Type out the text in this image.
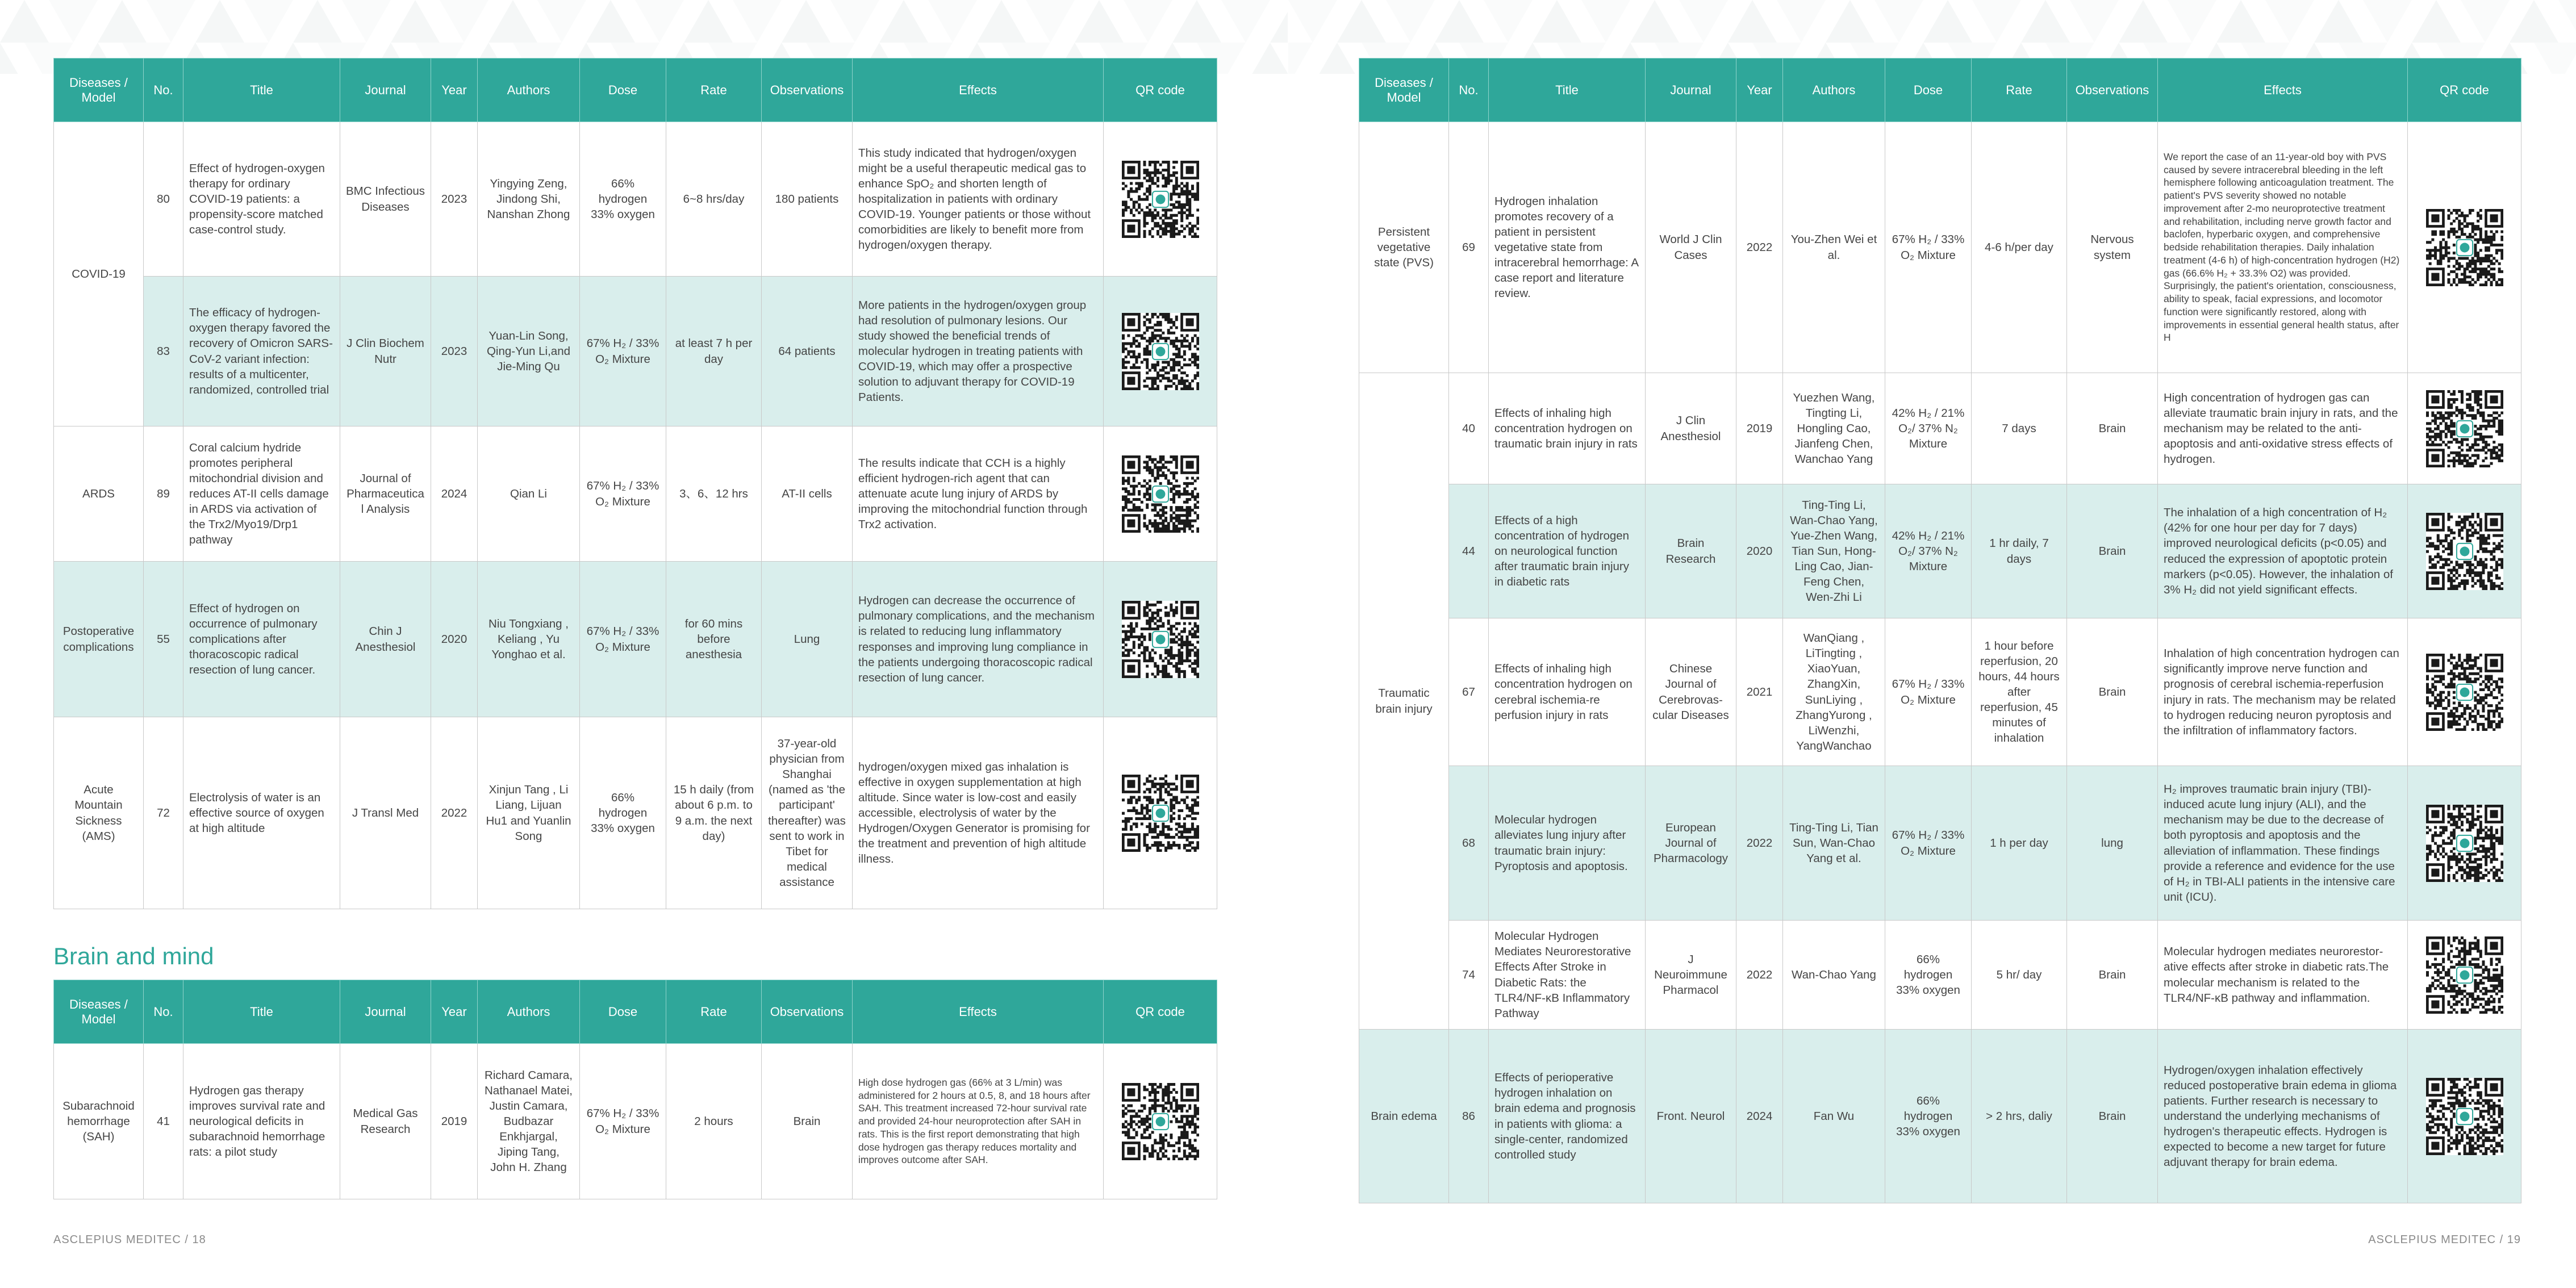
Diseases / Model	No.	Title	Journal	Year	Authors	Dose	Rate	Observations	Effects	QR code
COVID-19	80	Effect of hydrogen-oxygen therapy for ordinary COVID-19 patients: a propensity-score matched case-control study.	BMC Infectious Diseases	2023	Yingying Zeng, Jindong Shi, Nanshan Zhong	66% hydrogen 33% oxygen	6~8 hrs/day	180 patients	This study indicated that hydrogen/oxygen might be a useful therapeutic medical gas to enhance SpO₂ and shorten length of hospitalization in patients with ordinary COVID-19. Younger patients or those without comorbidities are likely to benefit more from hydrogen/oxygen therapy.	

	83	The efficacy of hydrogen-oxygen therapy favored the recovery of Omicron SARS-CoV-2 variant infection: results of a multicenter, randomized, controlled trial	J Clin Biochem Nutr	2023	Yuan-Lin Song, Qing-Yun Li,and Jie-Ming Qu	67% H₂ / 33% O₂ Mixture	at least 7 h per day	64 patients	More patients in the hydrogen/oxygen group had resolution of pulmonary lesions. Our study showed the beneficial trends of molecular hydrogen in treating patients with COVID-19, which may offer a prospective solution to adjuvant therapy for COVID-19 Patients.	

ARDS	89	Coral calcium hydride promotes peripheral mitochondrial division and reduces AT-II cells damage in ARDS via activation of the Trx2/Myo19/Drp1 pathway	Journal of Pharmaceutical Analysis	2024	Qian Li	67% H₂ / 33% O₂ Mixture	3、6、12 hrs	AT-II cells	The results indicate that CCH is a highly efficient hydrogen-rich agent that can attenuate acute lung injury of ARDS by improving the mitochondrial function through Trx2 activation.	

Postoperative complications	55	Effect of hydrogen on occurrence of pulmonary complications after thoracoscopic radical resection of lung cancer.	Chin J Anesthesiol	2020	Niu Tongxiang , Keliang , Yu Yonghao et al.	67% H₂ / 33% O₂ Mixture	for 60 mins before anesthesia	Lung	Hydrogen can decrease the occurrence of pulmonary complications, and the mechanism is related to reducing lung inflammatory responses and improving lung compliance in the patients undergoing thoracoscopic radical resection of lung cancer.	

Acute Mountain Sickness (AMS)	72	Electrolysis of water is an effective source of oxygen at high altitude	J Transl Med	2022	Xinjun Tang , Li Liang, Lijuan Hu1 and Yuanlin Song	66% hydrogen 33% oxygen	15 h daily (from about 6 p.m. to 9 a.m. the next day)	37-year-old physician from Shanghai (named as 'the participant' thereafter) was sent to work in Tibet for medical assistance	hydrogen/oxygen mixed gas inhalation is effective in oxygen supplementation at high altitude. Since water is low-cost and easily accessible, electrolysis of water by the Hydrogen/Oxygen Generator is promising for the treatment and prevention of high altitude illness.	
Brain and mind
Diseases / Model	No.	Title	Journal	Year	Authors	Dose	Rate	Observations	Effects	QR code
Subarachnoid hemorrhage (SAH)	41	Hydrogen gas therapy improves survival rate and neurological deficits in subarachnoid hemorrhage rats: a pilot study	Medical Gas Research	2019	Richard Camara, Nathanael Matei, Justin Camara, Budbazar Enkhjargal, Jiping Tang, John H. Zhang	67% H₂ / 33% O₂ Mixture	2 hours	Brain	High dose hydrogen gas (66% at 3 L/min) was administered for 2 hours at 0.5, 8, and 18 hours after SAH. This treatment increased 72-hour survival rate and provided 24-hour neuroprotection after SAH in rats. This is the first report demonstrating that high dose hydrogen gas therapy reduces mortality and improves outcome after SAH.	
ASCLEPIUS MEDITEC / 18
Diseases / Model	No.	Title	Journal	Year	Authors	Dose	Rate	Observations	Effects	QR code
Persistent vegetative state (PVS)	69	Hydrogen inhalation promotes recovery of a patient in persistent vegetative state from intracerebral hemorrhage: A case report and literature review.	World J Clin Cases	2022	You-Zhen Wei et al.	67% H₂ / 33% O₂ Mixture	4-6 h/per day	Nervous system	We report the case of an 11-year-old boy with PVS caused by severe intracerebral bleeding in the left hemisphere following anticoagulation treatment. The patient's PVS severity showed no notable improvement after 2-mo neuroprotective treatment and rehabilitation, including nerve growth factor and baclofen, hyperbaric oxygen, and comprehensive bedside rehabilitation therapies. Daily inhalation treatment (4-6 h) of high-concentration hydrogen (H2) gas (66.6% H₂ + 33.3% O2) was provided. Surprisingly, the patient's orientation, consciousness, ability to speak, facial expressions, and locomotor function were significantly restored, along with improvements in essential general health status, after H	

Traumatic brain injury	40	Effects of inhaling high concentration hydrogen on traumatic brain injury in rats	J Clin Anesthesiol	2019	Yuezhen Wang, Tingting Li, Hongling Cao, Jianfeng Chen, Wanchao Yang	42% H₂ / 21% O₂/ 37% N₂ Mixture	7 days	Brain	High concentration of hydrogen gas can alleviate traumatic brain injury in rats, and the mechanism may be related to the anti-apoptosis and anti-oxidative stress effects of hydrogen.	

	44	Effects of a high concentration of hydrogen on neurological function after traumatic brain injury in diabetic rats	Brain Research	2020	Ting-Ting Li, Wan-Chao Yang, Yue-Zhen Wang, Tian Sun, Hong-Ling Cao, Jian-Feng Chen, Wen-Zhi Li	42% H₂ / 21% O₂/ 37% N₂ Mixture	1 hr daily, 7 days	Brain	The inhalation of a high concentration of H₂ (42% for one hour per day for 7 days) improved neurological deficits (p<0.05) and reduced the expression of apoptotic protein markers (p<0.05). However, the inhalation of 3% H₂ did not yield significant effects.	

	67	Effects of inhaling high concentration hydrogen on cerebral ischemia-re perfusion injury in rats	Chinese Journal of Cerebrovas-cular Diseases	2021	WanQiang , LiTingting , XiaoYuan, ZhangXin, SunLiying , ZhangYurong , LiWenzhi, YangWanchao	67% H₂ / 33% O₂ Mixture	1 hour before reperfusion, 20 hours, 44 hours after reperfusion, 45 minutes of inhalation	Brain	Inhalation of high concentration hydrogen can significantly improve nerve function and prognosis of cerebral ischemia-reperfusion injury in rats. The mechanism may be related to hydrogen reducing neuron pyroptosis and the infiltration of inflammatory factors.	

	68	Molecular hydrogen alleviates lung injury after traumatic brain injury: Pyroptosis and apoptosis.	European Journal of Pharmacology	2022	Ting-Ting Li, Tian Sun, Wan-Chao Yang et al.	67% H₂ / 33% O₂ Mixture	1 h per day	lung	H₂ improves traumatic brain injury (TBI)-induced acute lung injury (ALI), and the mechanism may be due to the decrease of both pyroptosis and apoptosis and the alleviation of inflammation. These findings provide a reference and evidence for the use of H₂ in TBI-ALI patients in the intensive care unit (ICU).	

	74	Molecular Hydrogen Mediates Neurorestorative Effects After Stroke in Diabetic Rats: the TLR4/NF-κB Inflammatory Pathway	J Neuroimmune Pharmacol	2022	Wan-Chao Yang	66% hydrogen 33% oxygen	5 hr/ day	Brain	Molecular hydrogen mediates neurorestor-ative effects after stroke in diabetic rats.The molecular mechanism is related to the TLR4/NF-κB pathway and inflammation.	

Brain edema	86	Effects of perioperative hydrogen inhalation on brain edema and prognosis in patients with glioma: a single-center, randomized controlled study	Front. Neurol	2024	Fan Wu	66% hydrogen 33% oxygen	> 2 hrs, daliy	Brain	Hydrogen/oxygen inhalation effectively reduced postoperative brain edema in glioma patients. Further research is necessary to understand the underlying mechanisms of hydrogen's therapeutic effects. Hydrogen is expected to become a new target for future adjuvant therapy for brain edema.	
ASCLEPIUS MEDITEC / 19
